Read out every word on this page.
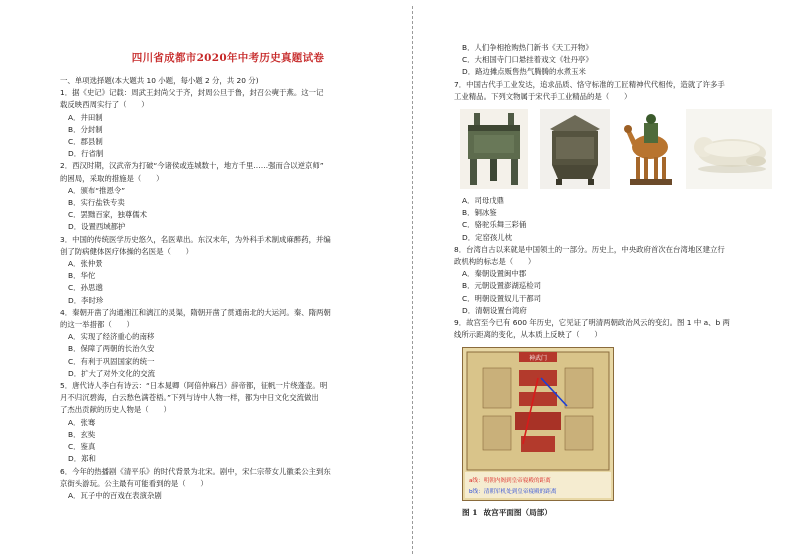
四川省成都市2020年中考历史真题试卷
一、单项选择题(本大题共 10 小题，每小题 2 分，共 20 分)
1．据《史记》记载：周武王封尚父于齐，封周公旦于鲁，封召公奭于燕。这一记
载反映西周实行了（　　）
A．井田制
B．分封制
C．郡县制
D．行省制
2．西汉时期，汉武帝为打破“今诸侯或连城数十，地方千里……强而合以逆京师”
的困局，采取的措施是（　　）
A．颁布“推恩令”
B．实行盐铁专卖
C．罢黜百家，独尊儒术
D．设置西域都护
3．中国的传统医学历史悠久，名医辈出。东汉末年，为外科手术制成麻醉药，并编
创了防病健体医疗体操的名医是（　　）
A．张仲景
B．华佗
C．孙思邈
D．李时珍
4．秦朝开凿了沟通湘江和漓江的灵渠，隋朝开凿了贯通南北的大运河。秦、隋两朝
的这一举措都（　　）
A．实现了经济重心的南移
B．保障了两朝的长治久安
C．有利于巩固国家的统一
D．扩大了对外文化的交流
5．唐代诗人李白有诗云：“日本晁卿（阿倍仲麻吕）辞帝都，征帆一片绕蓬壶。明
月不归沉碧海，白云愁色满苍梧。”下列与诗中人物一样，都为中日文化交流做出
了杰出贡献的历史人物是（　　）
A．张骞
B．玄奘
C．鉴真
D．郑和
6．今年的热播剧《清平乐》的时代背景为北宋。剧中，宋仁宗带女儿徽柔公主到东
京街头游玩。公主最有可能看到的是（　　）
A．瓦子中的百戏在表演杂剧
B．人们争相抢购热门新书《天工开物》
C．大相国寺门口悬挂着戏文《牡丹亭》
D．路边摊点贩售热气腾腾的水煮玉米
7．中国古代手工业发达，追求品质、恪守标准的工匠精神代代相传，造就了许多手
工业精品。下列文物属于宋代手工业精品的是（　　）
A．司母戊鼎
B．铜冰鉴
C．骆驼乐舞三彩俑
D．定窑孩儿枕
8．台湾自古以来就是中国领土的一部分。历史上，中央政府首次在台湾地区建立行
政机构的标志是（　　）
A．秦朝设置闽中郡
B．元朝设置澎湖巡检司
C．明朝设置奴儿干都司
D．清朝设置台湾府
9．故宫至今已有 600 年历史，它见证了明清两朝政治风云的变幻。图 1 中 a、b 两
线所示距离的变化，从本质上反映了（　　）
神武门
a线：明朝内阁到皇帝寝殿的距离
b线：清朝军机处到皇帝寝殿的距离
图 1 故宫平面图（局部）
